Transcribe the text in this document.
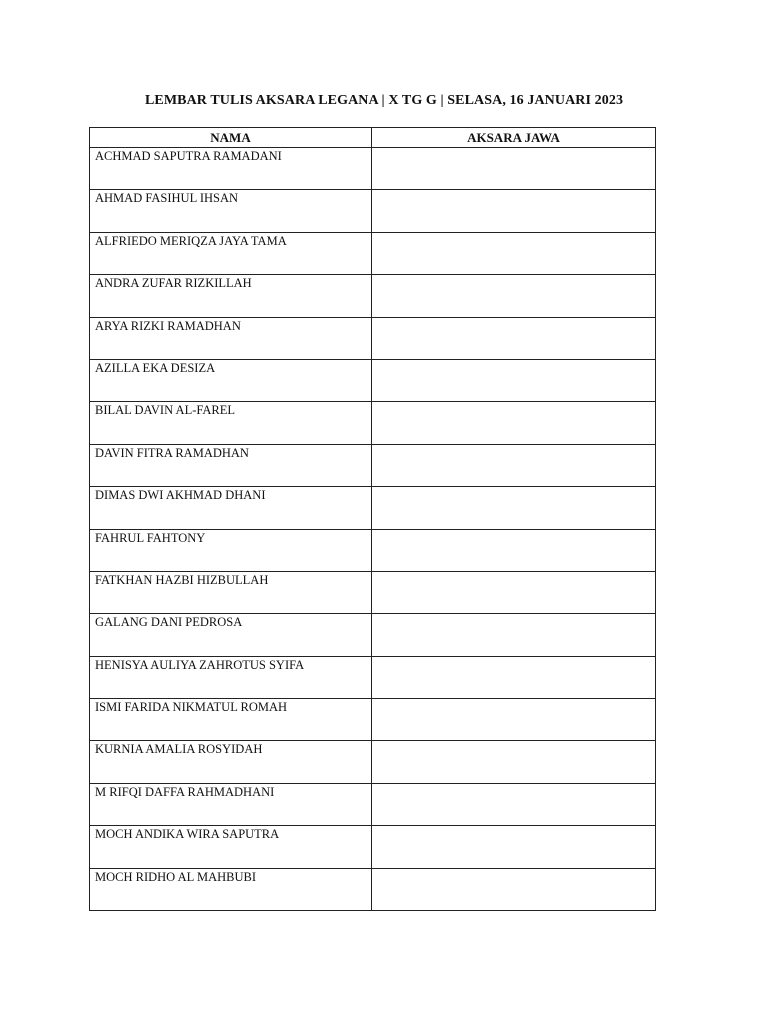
LEMBAR TULIS AKSARA LEGANA | X TG G | SELASA, 16 JANUARI 2023
NAMA	AKSARA JAWA

ACHMAD SAPUTRA RAMADANI	

AHMAD FASIHUL IHSAN	

ALFRIEDO MERIQZA JAYA TAMA	

ANDRA ZUFAR RIZKILLAH	

ARYA RIZKI RAMADHAN	

AZILLA EKA DESIZA	

BILAL DAVIN AL-FAREL	

DAVIN FITRA RAMADHAN	

DIMAS DWI AKHMAD DHANI	

FAHRUL FAHTONY	

FATKHAN HAZBI HIZBULLAH	

GALANG DANI PEDROSA	

HENISYA AULIYA ZAHROTUS SYIFA	

ISMI FARIDA NIKMATUL ROMAH	

KURNIA AMALIA ROSYIDAH	

M RIFQI DAFFA RAHMADHANI	

MOCH ANDIKA WIRA SAPUTRA	

MOCH RIDHO AL MAHBUBI	
